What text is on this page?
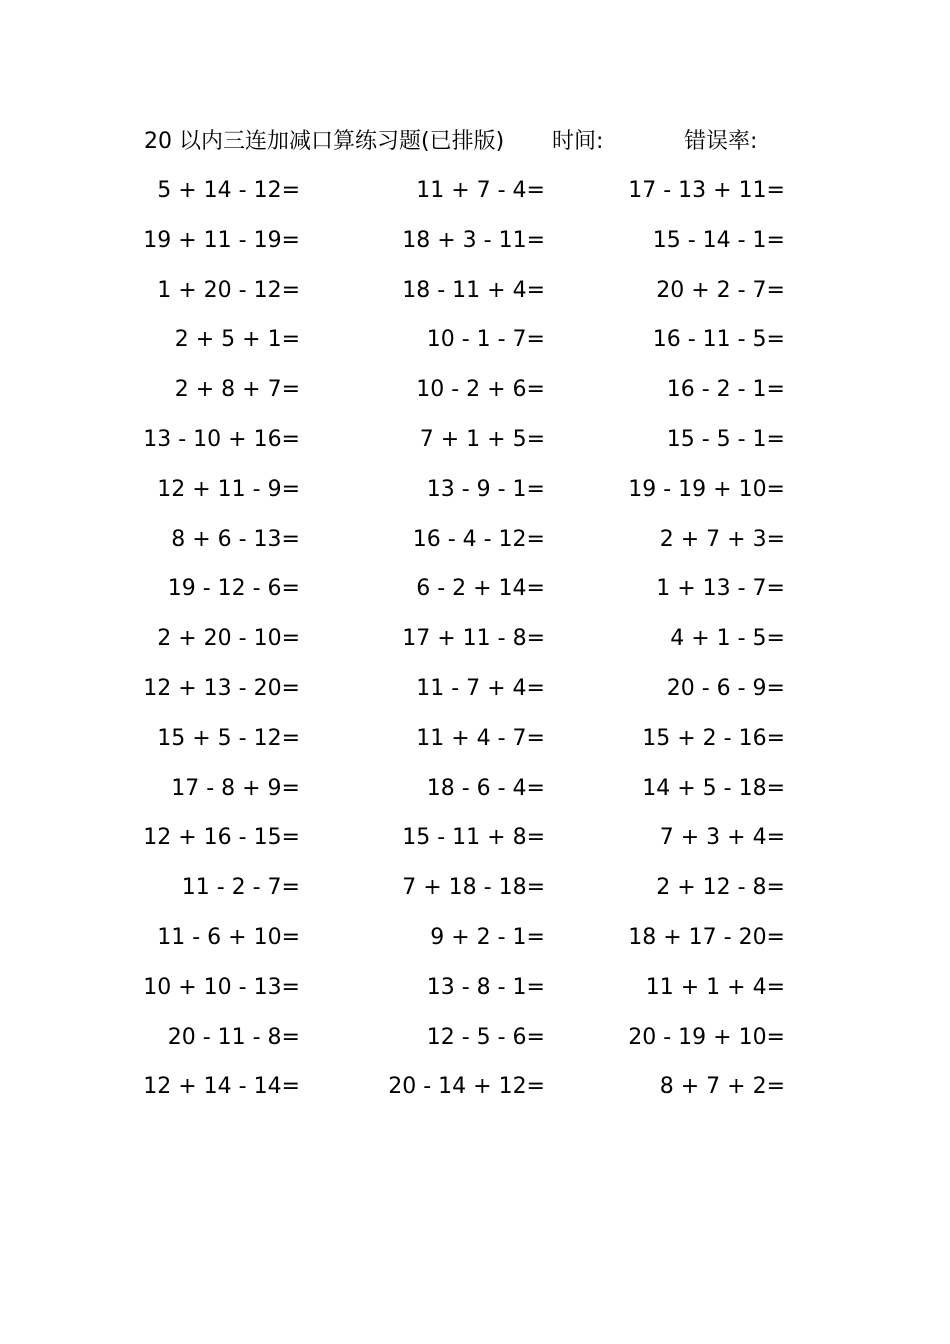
20 以内三连加减口算练习题(已排版) 时间:	错误率:
5 + 14 - 12=	11 + 7 - 4=	17 - 13 + 11=
19 + 11 - 19=	18 + 3 - 11=	15 - 14 - 1=
1 + 20 - 12=	18 - 11 + 4=	20 + 2 - 7=
2 + 5 + 1=	10 - 1 - 7=	16 - 11 - 5=
2 + 8 + 7=	10 - 2 + 6=	16 - 2 - 1=
13 - 10 + 16=	7 + 1 + 5=	15 - 5 - 1=
12 + 11 - 9=	13 - 9 - 1=	19 - 19 + 10=
8 + 6 - 13=	16 - 4 - 12=	2 + 7 + 3=
19 - 12 - 6=	6 - 2 + 14=	1 + 13 - 7=
2 + 20 - 10=	17 + 11 - 8=	4 + 1 - 5=
12 + 13 - 20=	11 - 7 + 4=	20 - 6 - 9=
15 + 5 - 12=	11 + 4 - 7=	15 + 2 - 16=
17 - 8 + 9=	18 - 6 - 4=	14 + 5 - 18=
12 + 16 - 15=	15 - 11 + 8=	7 + 3 + 4=
11 - 2 - 7=	7 + 18 - 18=	2 + 12 - 8=
11 - 6 + 10=	9 + 2 - 1=	18 + 17 - 20=
10 + 10 - 13=	13 - 8 - 1=	11 + 1 + 4=
20 - 11 - 8=	12 - 5 - 6=	20 - 19 + 10=
12 + 14 - 14=	20 - 14 + 12=	8 + 7 + 2=
